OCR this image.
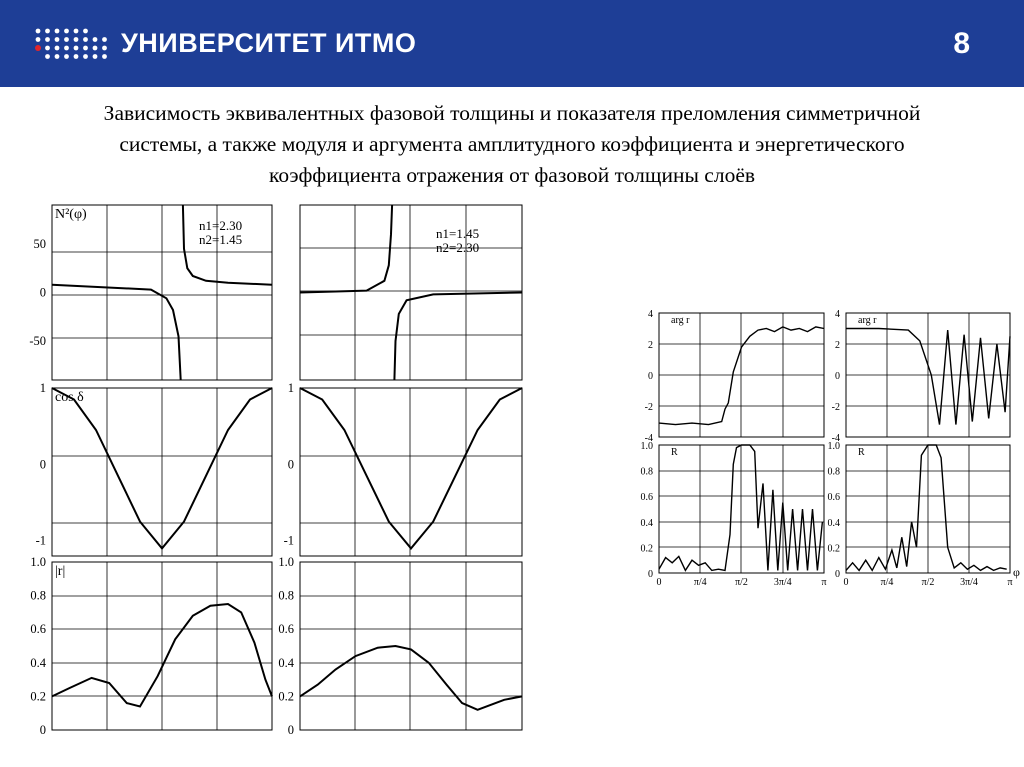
УНИВЕРСИТЕТ ИТМО	8
Зависимость эквивалентных фазовой толщины и показателя преломления симметричной
системы, а также модуля и аргумента амплитудного коэффициента и энергетического
коэффициента отражения от фазовой толщины слоёв
50
0
-50
N²(φ)
n1=2.30
n2=1.45	n1=1.45
n2=2.30
1
0
-1
cos δ
1
0
-1
1.0
0.8
0.6
0.4
0.2
0
|r|
1.0
0.8
0.6
0.4
0.2
0
4
2
0
-2
-4
arg r
4
2
0
-2
-4
arg r
1.0
0.8
0.6
0.4
0.2
0
0	π/4	π/2	3π/4	π
R
1.0
0.8
0.6
0.4
0.2
0
0	π/4	π/2	3π/4	π
φ
R
